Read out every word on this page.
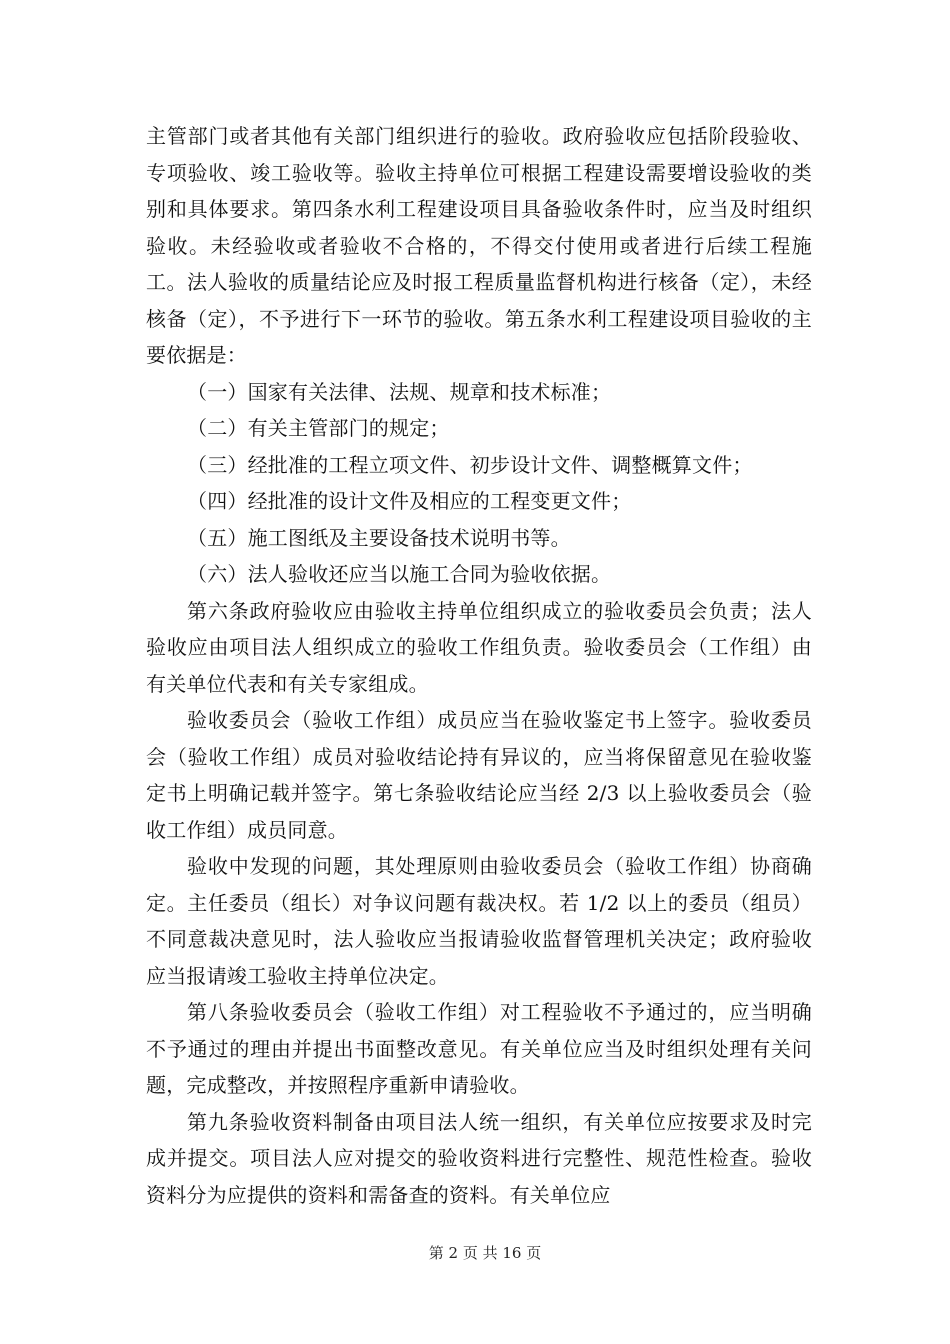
主管部门或者其他有关部门组织进行的验收。政府验收应包括阶段验收、专项验收、竣工验收等。验收主持单位可根据工程建设需要增设验收的类别和具体要求。第四条水利工程建设项目具备验收条件时，应当及时组织验收。未经验收或者验收不合格的，不得交付使用或者进行后续工程施工。法人验收的质量结论应及时报工程质量监督机构进行核备（定），未经核备（定），不予进行下一环节的验收。第五条水利工程建设项目验收的主要依据是：

（一）国家有关法律、法规、规章和技术标准；

（二）有关主管部门的规定；

（三）经批准的工程立项文件、初步设计文件、调整概算文件；

（四）经批准的设计文件及相应的工程变更文件；

（五）施工图纸及主要设备技术说明书等。

（六）法人验收还应当以施工合同为验收依据。

第六条政府验收应由验收主持单位组织成立的验收委员会负责；法人验收应由项目法人组织成立的验收工作组负责。验收委员会（工作组）由有关单位代表和有关专家组成。

验收委员会（验收工作组）成员应当在验收鉴定书上签字。验收委员会（验收工作组）成员对验收结论持有异议的，应当将保留意见在验收鉴定书上明确记载并签字。第七条验收结论应当经 2/3 以上验收委员会（验收工作组）成员同意。

验收中发现的问题，其处理原则由验收委员会（验收工作组）协商确定。主任委员（组长）对争议问题有裁决权。若 1/2 以上的委员（组员）不同意裁决意见时，法人验收应当报请验收监督管理机关决定；政府验收应当报请竣工验收主持单位决定。

第八条验收委员会（验收工作组）对工程验收不予通过的，应当明确不予通过的理由并提出书面整改意见。有关单位应当及时组织处理有关问题，完成整改，并按照程序重新申请验收。

第九条验收资料制备由项目法人统一组织，有关单位应按要求及时完成并提交。项目法人应对提交的验收资料进行完整性、规范性检查。验收资料分为应提供的资料和需备查的资料。有关单位应

第 2 页 共 16 页
